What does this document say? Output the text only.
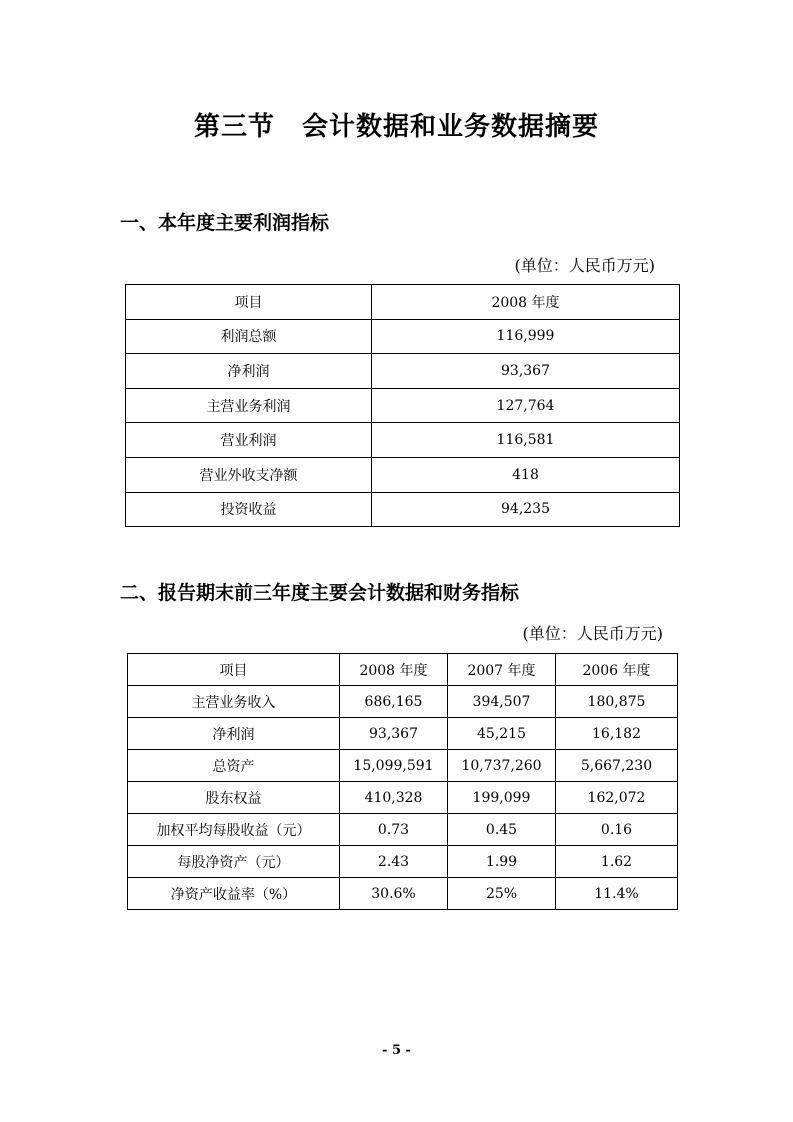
第三节　会计数据和业务数据摘要
一、本年度主要利润指标
(单位：人民币万元)
项目	2008 年度
利润总额	116,999
净利润	93,367
主营业务利润	127,764
营业利润	116,581
营业外收支净额	418
投资收益	94,235
二、报告期末前三年度主要会计数据和财务指标
(单位：人民币万元)
项目	2008 年度	2007 年度	2006 年度
主营业务收入	686,165	394,507	180,875
净利润	93,367	45,215	16,182
总资产	15,099,591	10,737,260	5,667,230
股东权益	410,328	199,099	162,072
加权平均每股收益（元）	0.73	0.45	0.16
每股净资产（元）	2.43	1.99	1.62
净资产收益率（%）	30.6%	25%	11.4%
- 5 -
